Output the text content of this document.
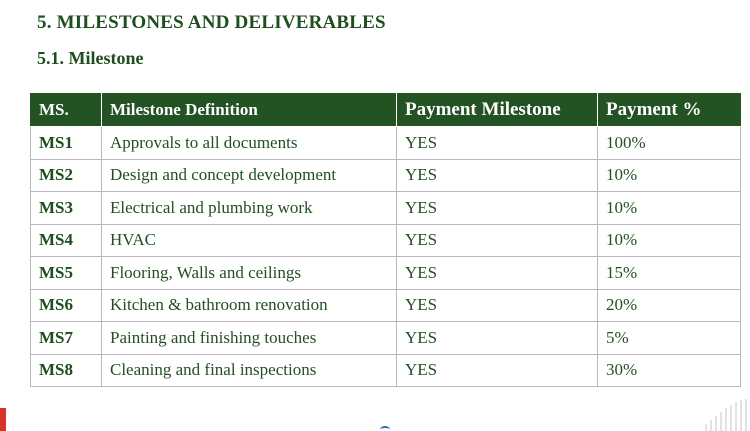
5. MILESTONES AND DELIVERABLES
5.1. Milestone
MS.	Milestone Definition	Payment Milestone	Payment %
MS1	Approvals to all documents	YES	100%
MS2	Design and concept development	YES	10%
MS3	Electrical and plumbing work	YES	10%
MS4	HVAC	YES	10%
MS5	Flooring, Walls and ceilings	YES	15%
MS6	Kitchen & bathroom renovation	YES	20%
MS7	Painting and finishing touches	YES	5%
MS8	Cleaning and final inspections	YES	30%
